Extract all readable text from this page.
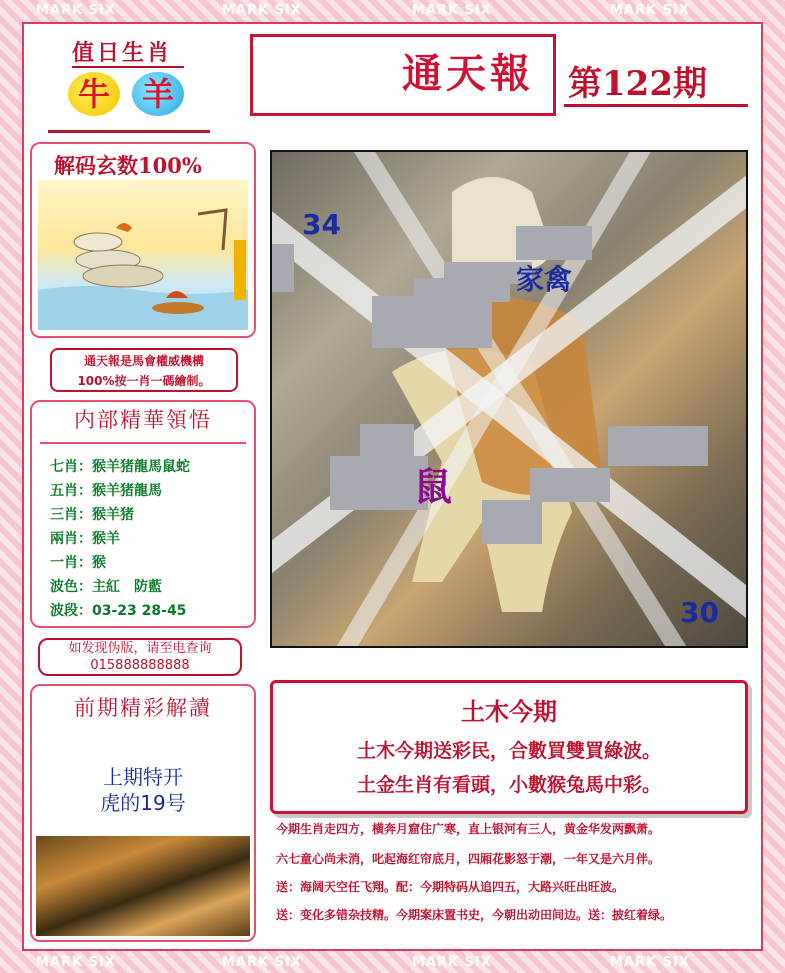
MARK SIX	MARK SIX	MARK SIX	MARK SIX
MARK SIX	MARK SIX	MARK SIX	MARK SIX
值日生肖
牛 羊
解码玄数100%
通天報是馬會權威機構
100%按一肖一碼繪制。
内部精華領悟
七肖：猴羊猪龍馬鼠蛇
五肖：猴羊猪龍馬
三肖：猴羊猪
兩肖：猴羊
一肖：猴
波色：主紅　防藍
波段：03-23 28-45
如发现伪版，请至电查询
015888888888
前期精彩解讀
上期特开
虎的19号
通天報	第122期
34
30
家禽
鼠
土木今期
土木今期送彩民，合數買雙買綠波。
土金生肖有看頭，小數猴兔馬中彩。
今期生肖走四方，横奔月窟住广寒，直上银河有三人，黄金华发两飘萧。
六七童心尚未消，叱起海红帘底月，四厢花影怒于潮，一年又是六月伴。
送：海阔天空任飞翔。配：今期特码从追四五，大路兴旺出旺波。
送：变化多错杂技精。今期案床置书史，今朝出动田间边。送：披红着绿。
